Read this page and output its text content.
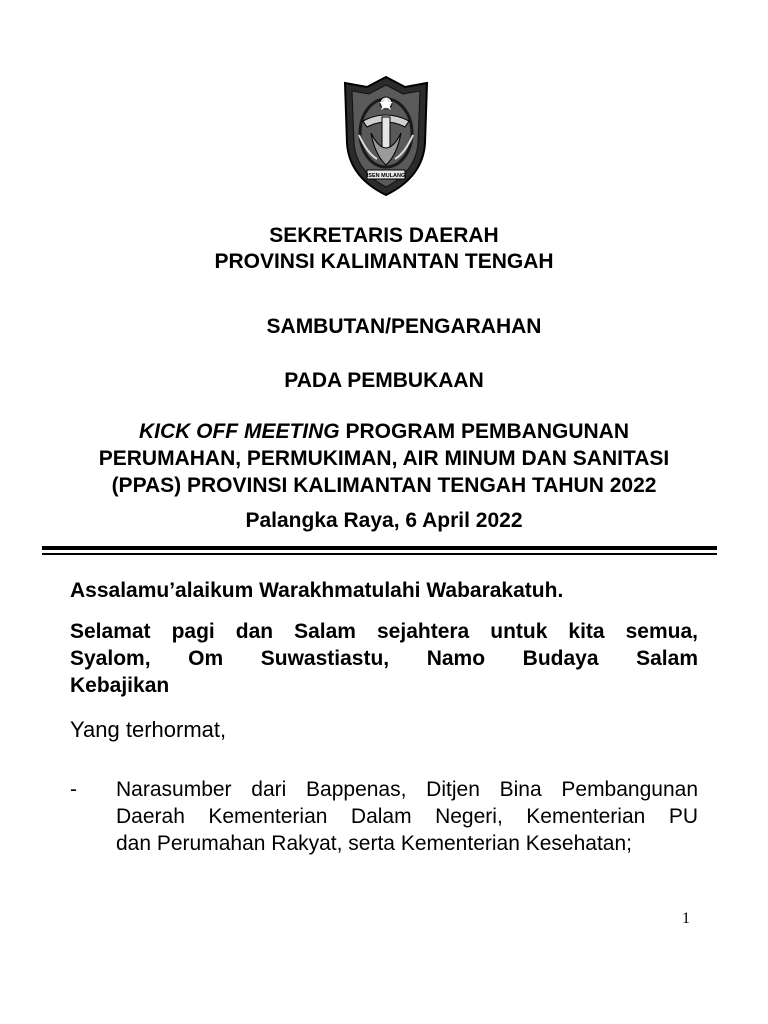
ISEN MULANG
SEKRETARIS DAERAH
PROVINSI KALIMANTAN TENGAH
SAMBUTAN/PENGARAHAN
PADA PEMBUKAAN
KICK OFF MEETING PROGRAM PEMBANGUNAN
PERUMAHAN, PERMUKIMAN, AIR MINUM DAN SANITASI
(PPAS) PROVINSI KALIMANTAN TENGAH TAHUN 2022
Palangka Raya, 6 April 2022
Assalamu’alaikum Warakhmatulahi Wabarakatuh.
Selamat pagi dan Salam sejahtera untuk kita semua,
Syalom, Om Suwastiastu, Namo Budaya Salam
Kebajikan
Yang terhormat,
- Narasumber dari Bappenas, Ditjen Bina Pembangunan
Daerah Kementerian Dalam Negeri, Kementerian PU
dan Perumahan Rakyat, serta Kementerian Kesehatan;
1
